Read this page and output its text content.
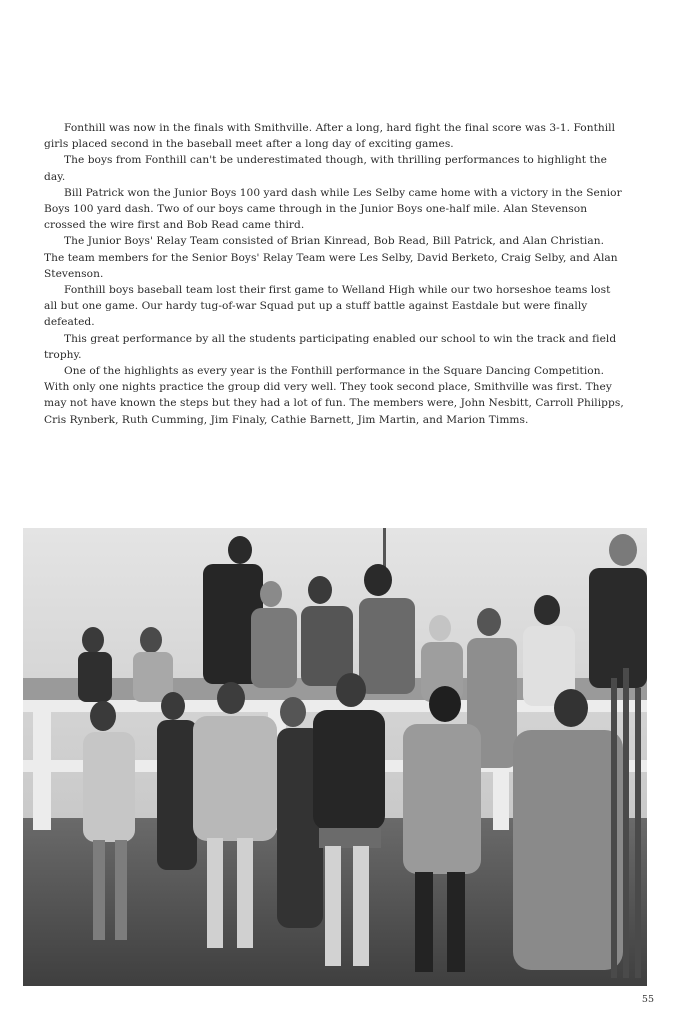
Fonthill was now in the finals with Smithville. After a long, hard fight the final score was 3-1. Fonthill girls placed second in the baseball meet after a long day of exciting games.

The boys from Fonthill can't be underestimated though, with thrilling performances to highlight the day.

Bill Patrick won the Junior Boys 100 yard dash while Les Selby came home with a victory in the Senior Boys 100 yard dash. Two of our boys came through in the Junior Boys one-half mile. Alan Stevenson crossed the wire first and Bob Read came third.

The Junior Boys' Relay Team consisted of Brian Kinread, Bob Read, Bill Patrick, and Alan Christian. The team members for the Senior Boys' Relay Team were Les Selby, David Berketo, Craig Selby, and Alan Stevenson.

Fonthill boys baseball team lost their first game to Welland High while our two horseshoe teams lost all but one game. Our hardy tug-of-war Squad put up a stuff battle against Eastdale but were finally defeated.

This great performance by all the students participating enabled our school to win the track and field trophy.

One of the highlights as every year is the Fonthill performance in the Square Dancing Competition. With only one nights practice the group did very well. They took second place, Smithville was first. They may not have known the steps but they had a lot of fun. The members were, John Nesbitt, Carroll Philipps, Cris Rynberk, Ruth Cumming, Jim Finaly, Cathie Barnett, Jim Martin, and Marion Timms.

55
